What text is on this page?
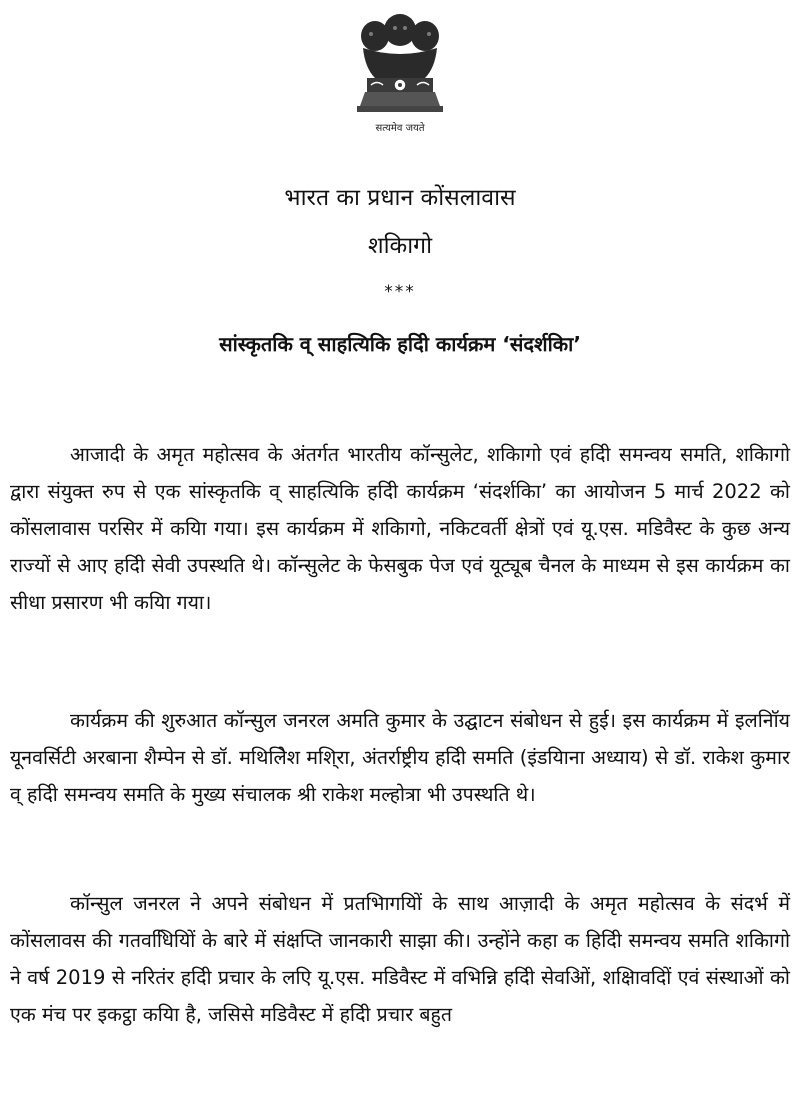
सत्यमेव जयते
भारत का प्रधान कोंसलावास
शकिागो
***
सांस्कृतकि व् साहत्यिकि हदिी कार्यक्रम ‘संदर्शकिा’

आजादी के अमृत महोत्सव के अंतर्गत भारतीय कॉन्सुलेट, शकिागो एवं हदिी समन्वय समति, शकिागो द्वारा संयुक्त रुप से एक सांस्कृतकि व् साहत्यिकि हदिी कार्यक्रम ‘संदर्शकिा’ का आयोजन 5 मार्च 2022 को कोंसलावास परसिर में कयिा गया। इस कार्यक्रम में शकिागो, नकिटवर्ती क्षेत्रों एवं यू.एस. मडिवैस्ट के कुछ अन्य राज्यों से आए हदिी सेवी उपस्थति थे। कॉन्सुलेट के फेसबुक पेज एवं यूट्यूब चैनल के माध्यम से इस कार्यक्रम का सीधा प्रसारण भी कयिा गया।

कार्यक्रम की शुरुआत कॉन्सुल जनरल अमति कुमार के उद्घाटन संबोधन से हुई। इस कार्यक्रम में इलनिॉय यूनवर्सिटी अरबाना शैम्पेन से डॉ. मथिलिेश मशि्रा, अंतर्राष्ट्रीय हदिी समति (इंडयिाना अध्याय) से डॉ. राकेश कुमार व् हदिी समन्वय समति के मुख्य संचालक श्री राकेश मल्होत्रा भी उपस्थति थे।

कॉन्सुल जनरल ने अपने संबोधन में प्रतभिागयिों के साथ आज़ादी के अमृत महोत्सव के संदर्भ में कोंसलावस की गतवधिियिों के बारे में संक्षप्ति जानकारी साझा की। उन्होंने कहा क हिदिी समन्वय समति शकिागो ने वर्ष 2019 से नरितंर हदिी प्रचार के लएि यू.एस. मडिवैस्ट में वभिन्नि हदिी सेवओिं, शक्षिावदिों एवं संस्थाओं को एक मंच पर इकट्ठा कयिा है, जसिसे मडिवैस्ट में हदिी प्रचार बहुत
